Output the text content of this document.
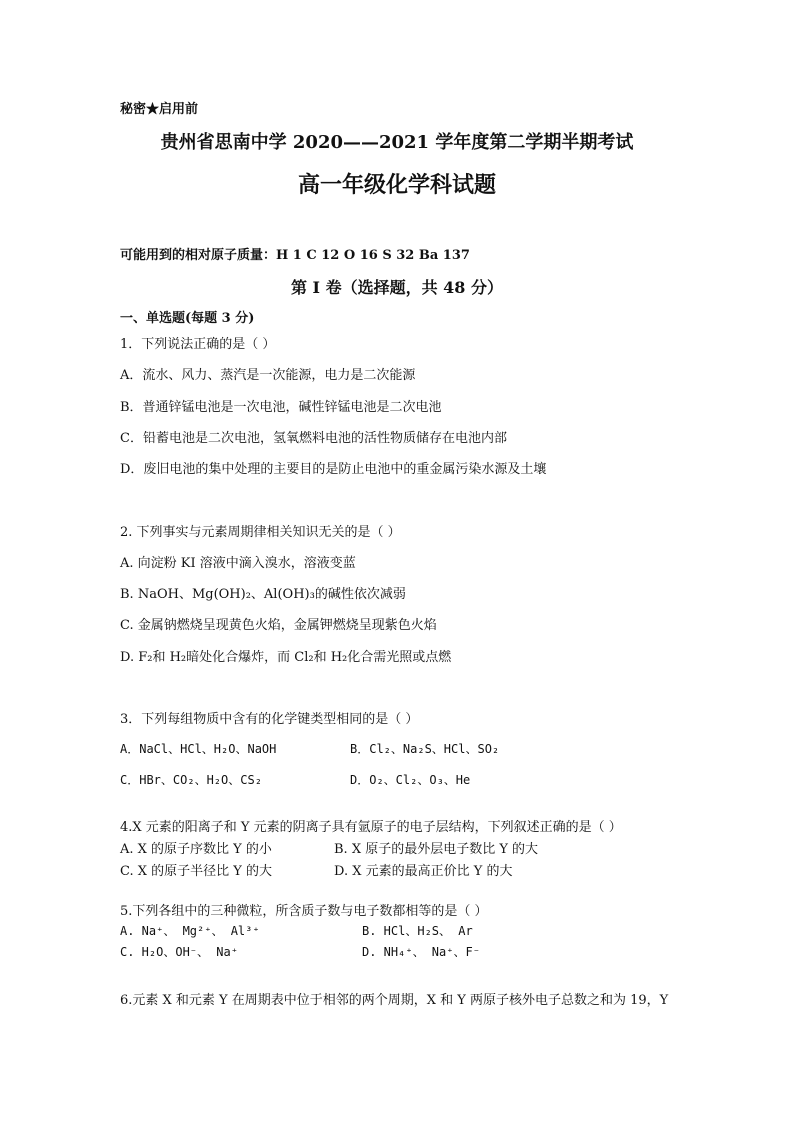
秘密★启用前
贵州省思南中学 2020——2021 学年度第二学期半期考试
高一年级化学科试题
可能用到的相对原子质量：H 1 C 12 O 16 S 32 Ba 137
第 I 卷（选择题，共 48 分）
一、单选题(每题 3 分)
1．下列说法正确的是（ ）
A．流水、风力、蒸汽是一次能源，电力是二次能源
B．普通锌锰电池是一次电池，碱性锌锰电池是二次电池
C．铅蓄电池是二次电池，氢氧燃料电池的活性物质储存在电池内部
D．废旧电池的集中处理的主要目的是防止电池中的重金属污染水源及土壤
2. 下列事实与元素周期律相关知识无关的是（ ）
A. 向淀粉 KI 溶液中滴入溴水，溶液变蓝
B. NaOH、Mg(OH)₂、Al(OH)₃的碱性依次减弱
C. 金属钠燃烧呈现黄色火焰，金属钾燃烧呈现紫色火焰
D. F₂和 H₂暗处化合爆炸，而 Cl₂和 H₂化合需光照或点燃
3．下列每组物质中含有的化学键类型相同的是（ ）
A．NaCl、HCl、H₂O、NaOH	B．Cl₂、Na₂S、HCl、SO₂
C．HBr、CO₂、H₂O、CS₂	D．O₂、Cl₂、O₃、He
4.X 元素的阳离子和 Y 元素的阴离子具有氩原子的电子层结构，下列叙述正确的是（ ）
A. X 的原子序数比 Y 的小	B. X 原子的最外层电子数比 Y 的大
C. X 的原子半径比 Y 的大	D. X 元素的最高正价比 Y 的大
5.下列各组中的三种微粒，所含质子数与电子数都相等的是（ ）
A. Na⁺、 Mg²⁺、 Al³⁺	B. HCl、H₂S、 Ar
C. H₂O、OH⁻、 Na⁺	D. NH₄⁺、 Na⁺、F⁻
6.元素 X 和元素 Y 在周期表中位于相邻的两个周期，X 和 Y 两原子核外电子总数之和为 19，Y
